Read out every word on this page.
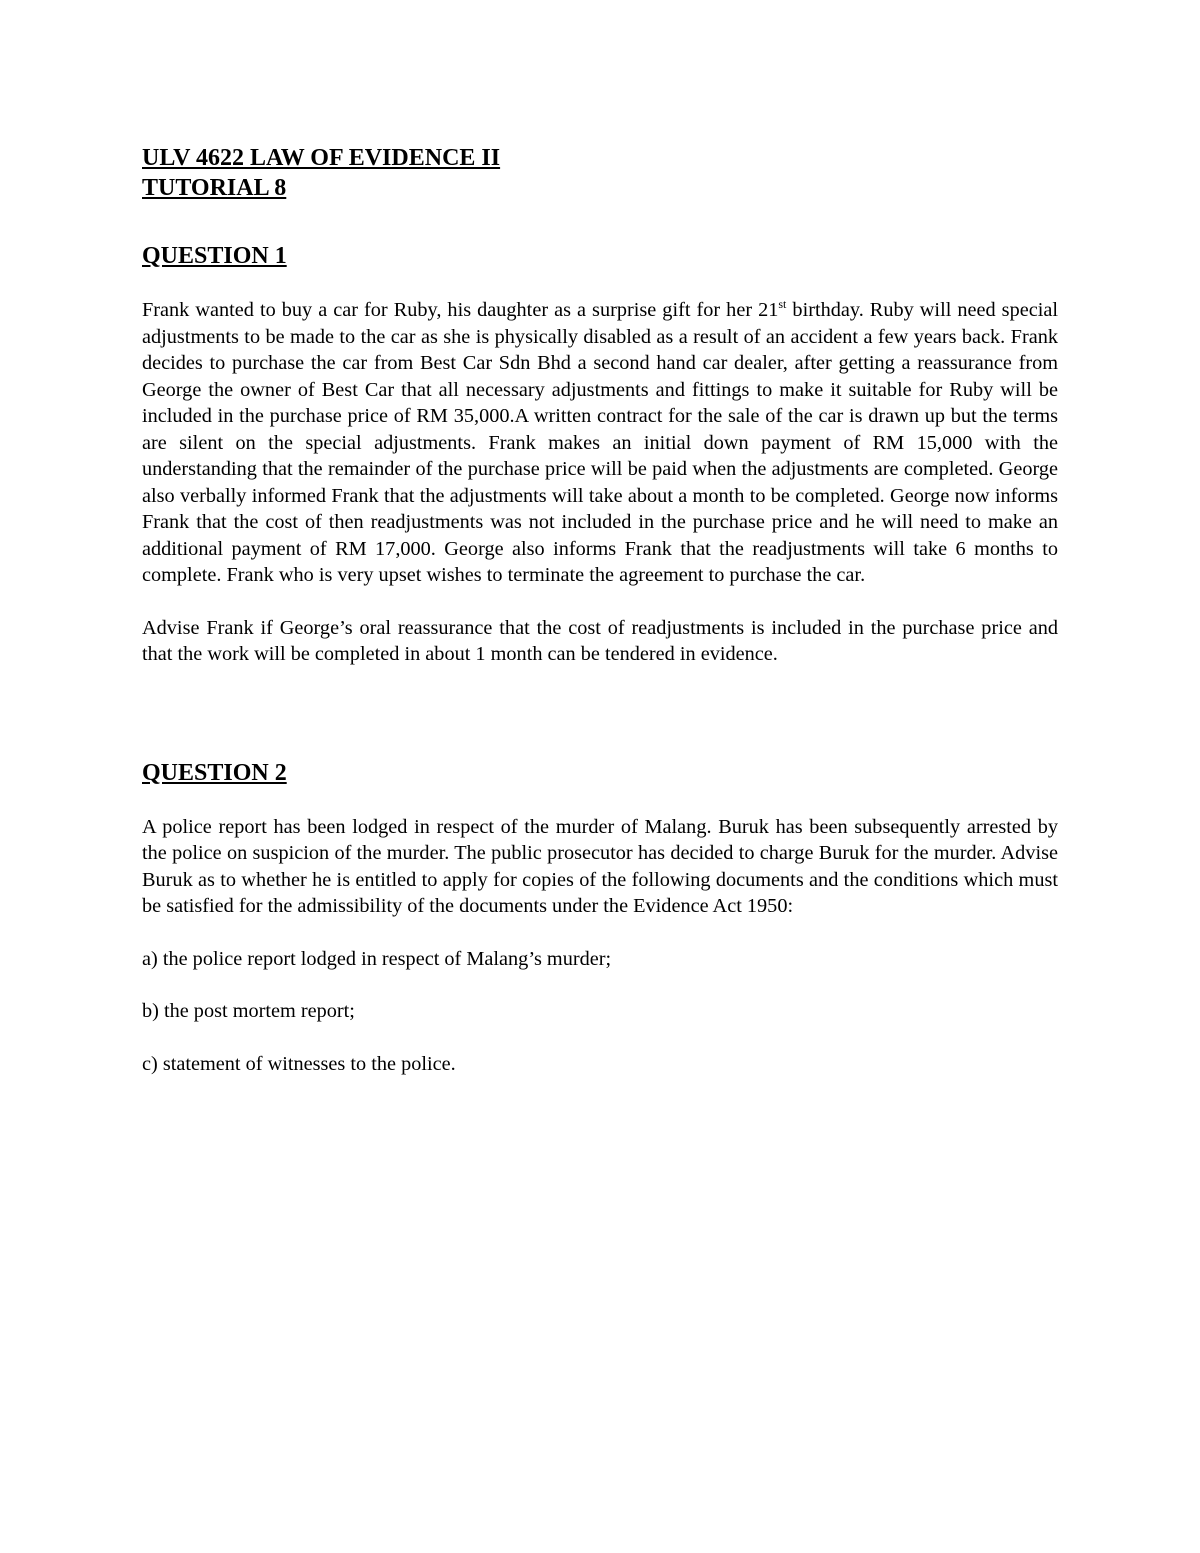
ULV 4622 LAW OF EVIDENCE II
TUTORIAL 8
QUESTION 1

Frank wanted to buy a car for Ruby, his daughter as a surprise gift for her 21st birthday. Ruby will need special adjustments to be made to the car as she is physically disabled as a result of an accident a few years back. Frank decides to purchase the car from Best Car Sdn Bhd a second hand car dealer, after getting a reassurance from George the owner of Best Car that all necessary adjustments and fittings to make it suitable for Ruby will be included in the purchase price of RM 35,000.A written contract for the sale of the car is drawn up but the terms are silent on the special adjustments. Frank makes an initial down payment of RM 15,000 with the understanding that the remainder of the purchase price will be paid when the adjustments are completed. George also verbally informed Frank that the adjustments will take about a month to be completed. George now informs Frank that the cost of then readjustments was not included in the purchase price and he will need to make an additional payment of RM 17,000. George also informs Frank that the readjustments will take 6 months to complete. Frank who is very upset wishes to terminate the agreement to purchase the car.

Advise Frank if George’s oral reassurance that the cost of readjustments is included in the purchase price and that the work will be completed in about 1 month can be tendered in evidence.

QUESTION 2

A police report has been lodged in respect of the murder of Malang. Buruk has been subsequently arrested by the police on suspicion of the murder. The public prosecutor has decided to charge Buruk for the murder. Advise Buruk as to whether he is entitled to apply for copies of the following documents and the conditions which must be satisfied for the admissibility of the documents under the Evidence Act 1950:

a) the police report lodged in respect of Malang’s murder;

b) the post mortem report;

c) statement of witnesses to the police.
